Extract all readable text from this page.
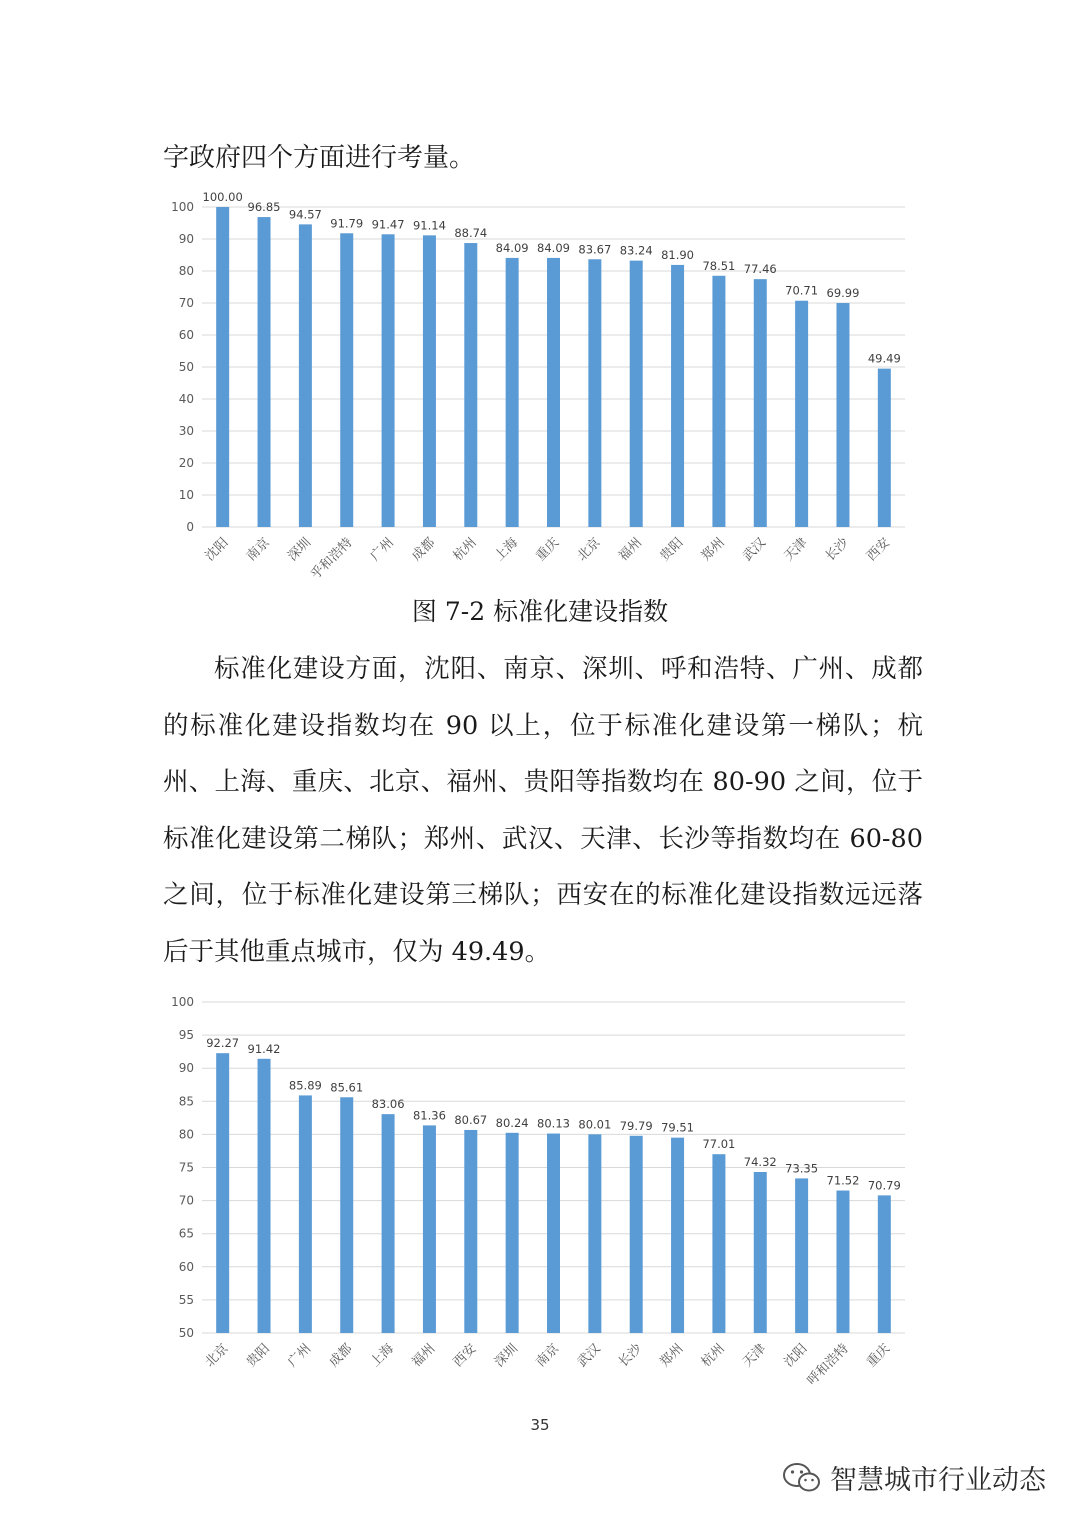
字政府四个方面进行考量。
0
10
20
30
40
50
60
70
80
90
100
100.00
沈阳
96.85
南京
94.57
深圳
91.79
乎和浩特
91.47
广州
91.14
成都
88.74
杭州
84.09
上海
84.09
重庆
83.67
北京
83.24
福州
81.90
贵阳
78.51
郑州
77.46
武汉
70.71
天津
69.99
长沙
49.49
西安
图 7-2 标准化建设指数
标准化建设方面，沈阳、南京、深圳、呼和浩特、广州、成都的标准化建设指数均在 90 以上，位于标准化建设第一梯队；杭州、上海、重庆、北京、福州、贵阳等指数均在 80-90 之间，位于标准化建设第二梯队；郑州、武汉、天津、长沙等指数均在 60-80 之间，位于标准化建设第三梯队；西安在的标准化建设指数远远落后于其他重点城市，仅为 49.49。
50
55
60
65
70
75
80
85
90
95
100
92.27
北京
91.42
贵阳
85.89
广州
85.61
成都
83.06
上海
81.36
福州
80.67
西安
80.24
深圳
80.13
南京
80.01
武汉
79.79
长沙
79.51
郑州
77.01
杭州
74.32
天津
73.35
沈阳
71.52
呼和浩特
70.79
重庆
35
智慧城市行业动态
